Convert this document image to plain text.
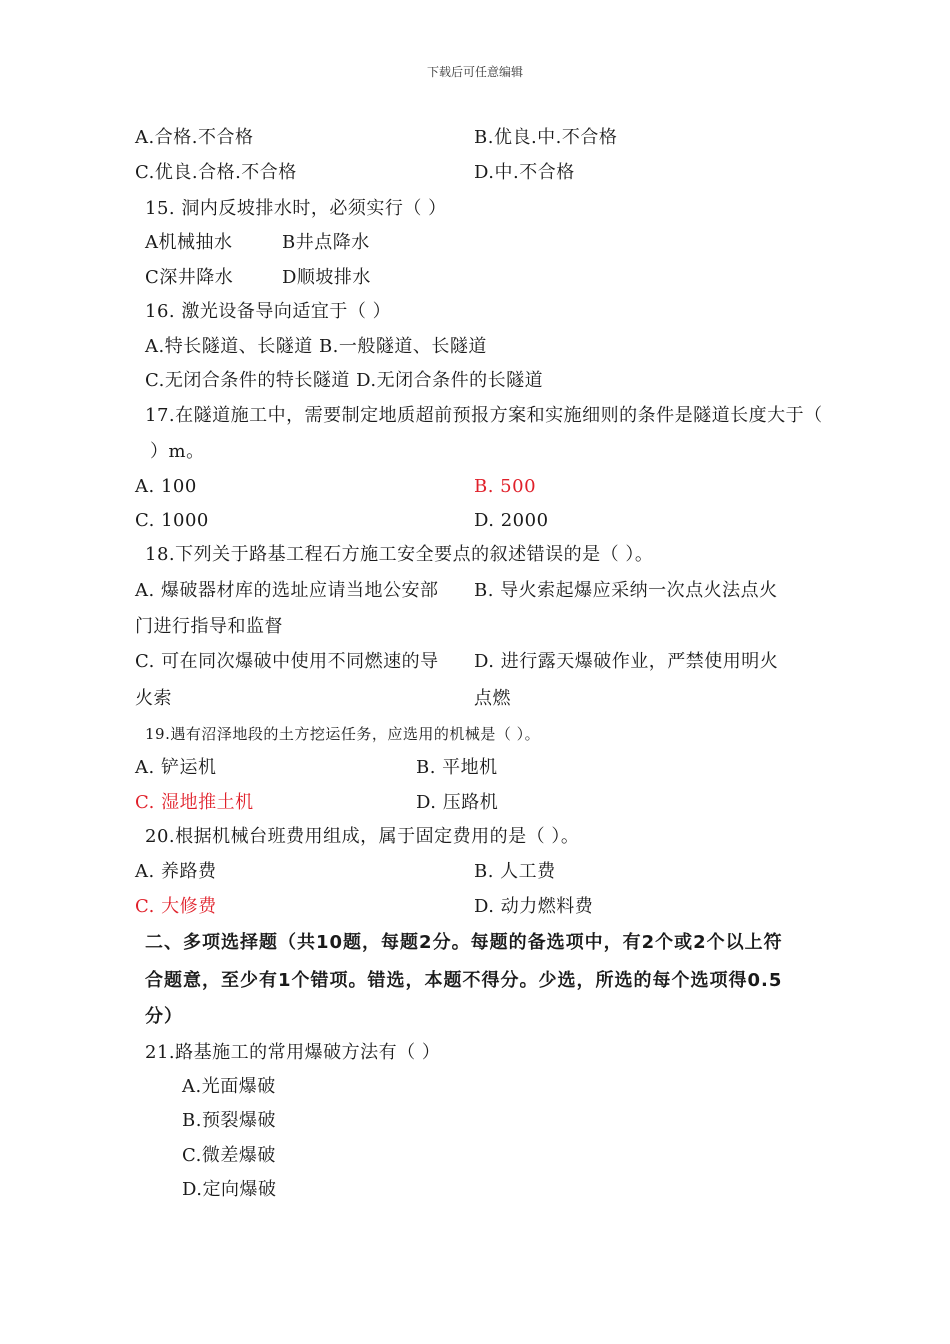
下载后可任意编辑
A.合格.不合格	B.优良.中.不合格
C.优良.合格.不合格	D.中.不合格
15. 洞内反坡排水时，必须实行（ ）
A机械抽水	B井点降水
C深井降水	D顺坡排水
16. 激光设备导向适宜于（ ）
A.特长隧道、长隧道 B.一般隧道、长隧道
C.无闭合条件的特长隧道 D.无闭合条件的长隧道
17.在隧道施工中，需要制定地质超前预报方案和实施细则的条件是隧道长度大于（
）m。
A. 100	B. 500
C. 1000	D. 2000
18.下列关于路基工程石方施工安全要点的叙述错误的是（ ）。
A. 爆破器材库的选址应请当地公安部 B. 导火索起爆应采纳一次点火法点火
门进行指导和监督
C. 可在同次爆破中使用不同燃速的导 D. 进行露天爆破作业，严禁使用明火
火索	点燃
19.遇有沼泽地段的土方挖运任务，应选用的机械是（ ）。
A. 铲运机	B. 平地机
C. 湿地推土机	D. 压路机
20.根据机械台班费用组成，属于固定费用的是（ ）。
A. 养路费	B. 人工费
C. 大修费	D. 动力燃料费
二、多项选择题（共10题，每题2分。每题的备选项中，有2个或2个以上符
合题意，至少有1个错项。错选，本题不得分。少选，所选的每个选项得0.5
分）
21.路基施工的常用爆破方法有（ ）
A.光面爆破
B.预裂爆破
C.微差爆破
D.定向爆破
